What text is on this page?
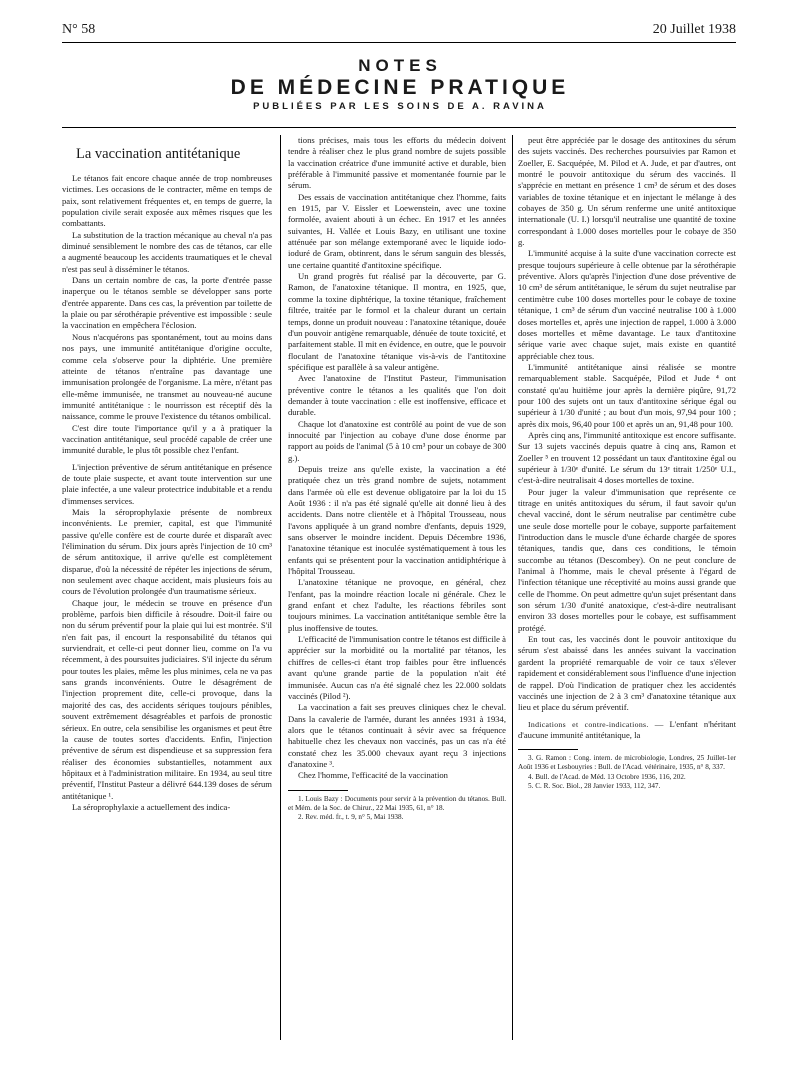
N° 58	20 Juillet 1938
NOTES
DE MÉDECINE PRATIQUE
PUBLIÉES PAR LES SOINS DE A. RAVINA

La vaccination antitétanique

Le tétanos fait encore chaque année de trop nombreuses victimes. Les occasions de le contracter, même en temps de paix, sont relativement fréquentes et, en temps de guerre, la population civile serait exposée aux mêmes risques que les combattants.

La substitution de la traction mécanique au cheval n'a pas diminué sensiblement le nombre des cas de tétanos, car elle a augmenté beaucoup les accidents traumatiques et le cheval n'est pas seul à disséminer le tétanos.

Dans un certain nombre de cas, la porte d'entrée passe inaperçue ou le tétanos semble se développer sans porte d'entrée apparente. Dans ces cas, la prévention par toilette de la plaie ou par sérothérapie préventive est impossible : seule la vaccination en empêchera l'éclosion.

Nous n'acquérons pas spontanément, tout au moins dans nos pays, une immunité antitétanique d'origine occulte, comme cela s'observe pour la diphtérie. Une première atteinte de tétanos n'entraîne pas davantage une immunisation prolongée de l'organisme. La mère, n'étant pas elle-même immunisée, ne transmet au nouveau-né aucune immunité antitétanique : le nourrisson est réceptif dès la naissance, comme le prouve l'existence du tétanos ombilical.

C'est dire toute l'importance qu'il y a à pratiquer la vaccination antitétanique, seul procédé capable de créer une immunité durable, le plus tôt possible chez l'enfant.

L'injection préventive de sérum antitétanique en présence de toute plaie suspecte, et avant toute intervention sur une plaie infectée, a une valeur protectrice indubitable et a rendu d'immenses services.

Mais la séroprophylaxie présente de nombreux inconvénients. Le premier, capital, est que l'immunité passive qu'elle confère est de courte durée et disparaît avec l'élimination du sérum. Dix jours après l'injection de 10 cm³ de sérum antitoxique, il arrive qu'elle est complètement disparue, d'où la nécessité de répéter les injections de sérum, non seulement avec chaque accident, mais plusieurs fois au cours de l'évolution prolongée d'un traumatisme sérieux.

Chaque jour, le médecin se trouve en présence d'un problème, parfois bien difficile à résoudre. Doit-il faire ou non du sérum préventif pour la plaie qui lui est montrée. S'il n'en fait pas, il encourt la responsabilité du tétanos qui surviendrait, et celle-ci peut donner lieu, comme on l'a vu récemment, à des poursuites judiciaires. S'il injecte du sérum pour toutes les plaies, même les plus minimes, cela ne va pas sans grands inconvénients. Outre le désagrément de l'injection proprement dite, celle-ci provoque, dans la majorité des cas, des accidents sériques toujours pénibles, souvent extrêmement désagréables et parfois de pronostic sérieux. En outre, cela sensibilise les organismes et peut être la cause de toutes sortes d'accidents. Enfin, l'injection préventive de sérum est dispendieuse et sa suppression fera réaliser des économies substantielles, notamment aux hôpitaux et à l'administration militaire. En 1934, au seul titre préventif, l'Institut Pasteur a délivré 644.139 doses de sérum antitétanique ¹.

La séroprophylaxie a actuellement des indica-

tions précises, mais tous les efforts du médecin doivent tendre à réaliser chez le plus grand nombre de sujets possible la vaccination créatrice d'une immunité active et durable, bien préférable à l'immunité passive et momentanée fournie par le sérum.

Des essais de vaccination antitétanique chez l'homme, faits en 1915, par V. Eissler et Loewenstein, avec une toxine formolée, avaient abouti à un échec. En 1917 et les années suivantes, H. Vallée et Louis Bazy, en utilisant une toxine atténuée par son mélange extemporané avec le liquide iodo-ioduré de Gram, obtinrent, dans le sérum sanguin des blessés, une certaine quantité d'antitoxine spécifique.

Un grand progrès fut réalisé par la découverte, par G. Ramon, de l'anatoxine tétanique. Il montra, en 1925, que, comme la toxine diphtérique, la toxine tétanique, fraîchement filtrée, traitée par le formol et la chaleur durant un certain temps, donne un produit nouveau : l'anatoxine tétanique, douée d'un pouvoir antigène remarquable, dénuée de toute toxicité, et parfaitement stable. Il mit en évidence, en outre, que le pouvoir floculant de l'anatoxine tétanique vis-à-vis de l'antitoxine spécifique est parallèle à sa valeur antigène.

Avec l'anatoxine de l'Institut Pasteur, l'immunisation préventive contre le tétanos a les qualités que l'on doit demander à toute vaccination : elle est inoffensive, efficace et durable.

Chaque lot d'anatoxine est contrôlé au point de vue de son innocuité par l'injection au cobaye d'une dose énorme par rapport au poids de l'animal (5 à 10 cm³ pour un cobaye de 300 g.).

Depuis treize ans qu'elle existe, la vaccination a été pratiquée chez un très grand nombre de sujets, notamment dans l'armée où elle est devenue obligatoire par la loi du 15 Août 1936 : il n'a pas été signalé qu'elle ait donné lieu à des accidents. Dans notre clientèle et à l'hôpital Trousseau, nous l'avons appliquée à un grand nombre d'enfants, depuis 1929, sans observer le moindre incident. Depuis Décembre 1936, l'anatoxine tétanique est inoculée systématiquement à tous les enfants qui se présentent pour la vaccination antidiphtérique à l'hôpital Trousseau.

L'anatoxine tétanique ne provoque, en général, chez l'enfant, pas la moindre réaction locale ni générale. Chez le grand enfant et chez l'adulte, les réactions fébriles sont toujours minimes. La vaccination antitétanique semble être la plus inoffensive de toutes.

L'efficacité de l'immunisation contre le tétanos est difficile à apprécier sur la morbidité ou la mortalité par tétanos, les chiffres de celles-ci étant trop faibles pour être influencés avant qu'une grande partie de la population n'ait été immunisée. Aucun cas n'a été signalé chez les 22.000 soldats vaccinés (Pilod ²).

La vaccination a fait ses preuves cliniques chez le cheval. Dans la cavalerie de l'armée, durant les années 1931 à 1934, alors que le tétanos continuait à sévir avec sa fréquence habituelle chez les chevaux non vaccinés, pas un cas n'a été constaté chez les 35.000 chevaux ayant reçu 3 injections d'anatoxine ³.

Chez l'homme, l'efficacité de la vaccination

1. Louis Bazy : Documents pour servir à la prévention du tétanos. Bull. et Mém. de la Soc. de Chirur., 22 Mai 1935, 61, n° 18.

2. Rev. méd. fr., t. 9, n° 5, Mai 1938.

peut être appréciée par le dosage des antitoxines du sérum des sujets vaccinés. Des recherches poursuivies par Ramon et Zoeller, E. Sacquépée, M. Pilod et A. Jude, et par d'autres, ont montré le pouvoir antitoxique du sérum des vaccinés. Il s'apprécie en mettant en présence 1 cm³ de sérum et des doses variables de toxine tétanique et en injectant le mélange à des cobayes de 350 g. Un sérum renferme une unité antitoxique internationale (U. I.) lorsqu'il neutralise une quantité de toxine correspondant à 1.000 doses mortelles pour le cobaye de 350 g.

L'immunité acquise à la suite d'une vaccination correcte est presque toujours supérieure à celle obtenue par la sérothérapie préventive. Alors qu'après l'injection d'une dose préventive de 10 cm³ de sérum antitétanique, le sérum du sujet neutralise par centimètre cube 100 doses mortelles pour le cobaye de toxine tétanique, 1 cm³ de sérum d'un vacciné neutralise 100 à 1.000 doses mortelles et, après une injection de rappel, 1.000 à 3.000 doses mortelles et même davantage. Le taux d'antitoxine sérique varie avec chaque sujet, mais existe en quantité appréciable chez tous.

L'immunité antitétanique ainsi réalisée se montre remarquablement stable. Sacquépée, Pilod et Jude ⁴ ont constaté qu'au huitième jour après la dernière piqûre, 91,72 pour 100 des sujets ont un taux d'antitoxine sérique égal ou supérieur à 1/30 d'unité ; au bout d'un mois, 97,94 pour 100 ; après dix mois, 96,40 pour 100 et après un an, 91,48 pour 100.

Après cinq ans, l'immunité antitoxique est encore suffisante. Sur 13 sujets vaccinés depuis quatre à cinq ans, Ramon et Zoeller ⁵ en trouvent 12 possédant un taux d'antitoxine égal ou supérieur à 1/30ᵉ d'unité. Le sérum du 13ᵉ titrait 1/250ᵉ U.I., c'est-à-dire neutralisait 4 doses mortelles de toxine.

Pour juger la valeur d'immunisation que représente ce titrage en unités antitoxiques du sérum, il faut savoir qu'un cheval vacciné, dont le sérum neutralise par centimètre cube une seule dose mortelle pour le cobaye, supporte parfaitement l'introduction dans le muscle d'une écharde chargée de spores tétaniques, tandis que, dans ces conditions, le témoin succombe au tétanos (Descombey). On ne peut conclure de l'animal à l'homme, mais le cheval présente à l'égard de l'infection tétanique une réceptivité au moins aussi grande que celle de l'homme. On peut admettre qu'un sujet présentant dans son sérum 1/30 d'unité anatoxique, c'est-à-dire neutralisant environ 33 doses mortelles pour le cobaye, est suffisamment protégé.

En tout cas, les vaccinés dont le pouvoir antitoxique du sérum s'est abaissé dans les années suivant la vaccination gardent la propriété remarquable de voir ce taux s'élever rapidement et considérablement sous l'influence d'une injection de rappel. D'où l'indication de pratiquer chez les accidentés vaccinés une injection de 2 à 3 cm³ d'anatoxine tétanique aux lieu et place du sérum préventif.

Indications et contre-indications. — L'enfant n'héritant d'aucune immunité antitétanique, la

3. G. Ramon : Cong. intern. de microbiologie, Londres, 25 Juillet-1er Août 1936 et Lesbouyries : Bull. de l'Acad. vétérinaire, 1935, n° 8, 337.

4. Bull. de l'Acad. de Méd. 13 Octobre 1936, 116, 202.

5. C. R. Soc. Biol., 28 Janvier 1933, 112, 347.
